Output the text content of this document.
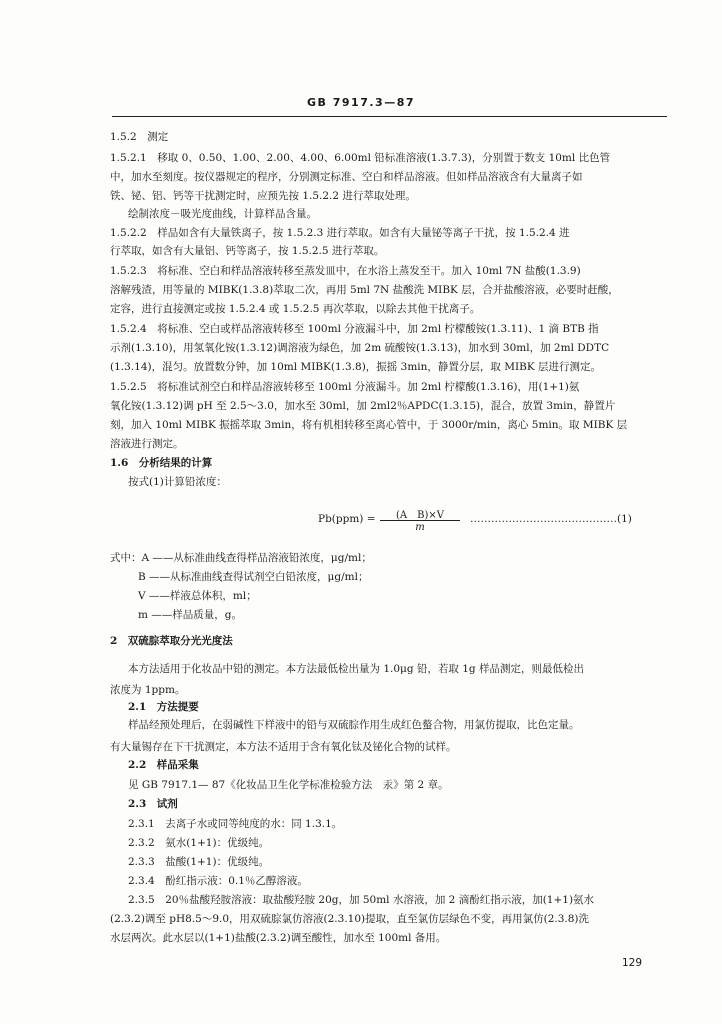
GB 7917.3—87
1.5.2　测定
1.5.2.1　移取 0、0.50、1.00、2.00、4.00、6.00ml 铅标准溶液(1.3.7.3)，分别置于数支 10ml 比色管
中，加水至刻度。按仪器规定的程序，分别测定标准、空白和样品溶液。但如样品溶液含有大量离子如
铁、铋、铝、钙等干扰测定时，应预先按 1.5.2.2 进行萃取处理。
绘制浓度－吸光度曲线，计算样品含量。
1.5.2.2　样品如含有大量铁离子，按 1.5.2.3 进行萃取。如含有大量铋等离子干扰，按 1.5.2.4 进
行萃取，如含有大量铝、钙等离子，按 1.5.2.5 进行萃取。
1.5.2.3　将标准、空白和样品溶液转移至蒸发皿中，在水浴上蒸发至干。加入 10ml 7N 盐酸(1.3.9)
溶解残渣，用等量的 MIBK(1.3.8)萃取二次，再用 5ml 7N 盐酸洗 MIBK 层，合并盐酸溶液，必要时赶酸，
定容，进行直接测定或按 1.5.2.4 或 1.5.2.5 再次萃取，以除去其他干扰离子。
1.5.2.4　将标准、空白或样品溶液转移至 100ml 分液漏斗中，加 2ml 柠檬酸铵(1.3.11)、1 滴 BTB 指
示剂(1.3.10)，用氢氧化铵(1.3.12)调溶液为绿色，加 2m 硫酸铵(1.3.13)，加水到 30ml，加 2ml DDTC
(1.3.14)，混匀。放置数分钟，加 10ml MIBK(1.3.8)，振摇 3min，静置分层，取 MIBK 层进行测定。
1.5.2.5　将标准试剂空白和样品溶液转移至 100ml 分液漏斗。加 2ml 柠檬酸(1.3.16)，用(1+1)氨
氧化铵(1.3.12)调 pH 至 2.5～3.0，加水至 30ml，加 2ml2％APDC(1.3.15)，混合，放置 3min，静置片
刻，加入 10ml MIBK 振摇萃取 3min，将有机相转移至离心管中，于 3000r/min，离心 5min。取 MIBK 层
溶液进行测定。
1.6　分析结果的计算
按式(1)计算铅浓度：
Pb(ppm) =	(A　B)×V
m
……………………………………(1)
式中：A ——从标准曲线查得样品溶液铅浓度，μg/ml；
B ——从标准曲线查得试剂空白铅浓度，μg/ml；
V ——样液总体积，ml；
m ——样品质量，g。
2　双硫腙萃取分光光度法
本方法适用于化妆品中铅的测定。本方法最低检出量为 1.0μg 铅，若取 1g 样品测定，则最低检出
浓度为 1ppm。
2.1　方法提要
样品经预处理后，在弱碱性下样液中的铅与双硫腙作用生成红色螯合物，用氯仿提取，比色定量。
有大量锡存在下干扰测定，本方法不适用于含有氧化钛及铋化合物的试样。
2.2　样品采集
见 GB 7917.1— 87《化妆品卫生化学标准检验方法　汞》第 2 章。
2.3　试剂
2.3.1　去离子水或同等纯度的水：同 1.3.1。
2.3.2　氨水(1+1)：优级纯。
2.3.3　盐酸(1+1)：优级纯。
2.3.4　酚红指示液：0.1％乙醇溶液。
2.3.5　20％盐酸羟胺溶液：取盐酸羟胺 20g，加 50ml 水溶液，加 2 滴酚红指示液，加(1+1)氨水
(2.3.2)调至 pH8.5～9.0，用双硫腙氯仿溶液(2.3.10)提取，直至氯仿层绿色不变，再用氯仿(2.3.8)洗
水层两次。此水层以(1+1)盐酸(2.3.2)调至酸性，加水至 100ml 备用。
129
